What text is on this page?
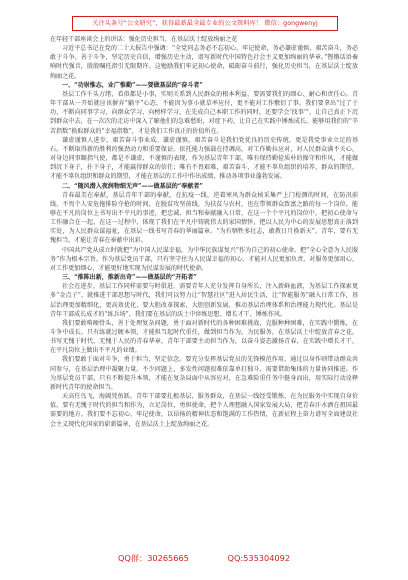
关注头条号“公文研究”，获得最新最全最专业的公文资料库！ 微信：gongwenyj

在年轻干部座谈会上的讲话：强化历史担当，在基层沃土绽放绚丽之花

习近平总书记在党的二十大报告中强调：“全党同志务必不忘初心、牢记使命，务必谦虚谨慎、艰苦奋斗，务必敢于斗争、善于斗争，坚定历史自信，增强历史主动，谱写新时代中国特色社会主义更加绚丽的华章。”铿锵话语奏响时代强音，殷殷嘱托指引无限期许。这勉励我们牢记初心使命，砥砺奋斗前行，强化历史担当，在基层沃土绽放绚丽之花。

一、“功崇惟志，业广惟勤”——要做基层的“奋斗者”

基层工作千头万绪，看似都是小事，实则关系到人民群众的根本利益，要需要我们的细心、耐心和责任心。青年干部从一开始就应该摒弃“躺平”心态，不能因为事小就草率应付，更不能对工作敷衍了事。我们要拿出“过了于功、不断向同事学习，向群众学习，向榜样学习，在先成自己本职工作的同时，还要学会‘找事’”，让自己真正下沉到群众中去，在一次次的走访中深入了解他们的急难愁盼，对症下药，让自己在实践中锤炼成长。能够用我们的“辛苦指数”换取群众的“幸福指数”，才是我们工作真正的价值所在。

谦虚谨慎人进步，艰苦奋斗事业成。谦虚谨慎，艰苦奋斗是我们党优良的历史传统，更是我党事业立足的基石。不断取得新的胜利的强劲动力和重要保证。依托能力强载在持调高，对工作勤拉应对，对人民群众满不关心，对身边同事颐指气使，都是不谦虚、不谨慎的表现，作为基层青年干部，唯有保持勤俭质朴的操守和作风，才能做到沉下身子，扑下身子，才能赢得群众的信任；唯有不畏艰难，艰苦奋斗，才能不辜负组织的培养、群众的期望，才能不辜负组织和群众的期望，才能在基层的工作中作出成绩，推动各项事业蓬勃发展。

二、“随风潜入夜润物细无声”——做基层的“奉献者”

青春最美在奉献，基层青年干部的奉献，在抗疫一线，逆着寒风为群众核采集严上门检测的时间，在防汛前线，不畏个人安危拖排险夺抢的时间，在脱贫攻坚前线，为扶贫与农村，也在带领群众致富之路的每一个岗位。能够在平凡的岗位上书写出不平凡的事迹，把忠诚、担当和奉献融入日常，在这一个个平凡的岗位中，把初心使命与工作融合在一起，在这一过程中，体现了我们在平凡中铸就伟大的家国情怀，把以人民为中心的发展思想真正落到实处，为人民群众谋福祉，在基层一线书写青春的华丽篇章。“为有牺牲多壮志，敢教日月换新天”。青年，要有无愧担当，才能让青春在奉献中出彩。

中国共产党从成立时就把“为中国人民谋幸福，为中华民族谋复兴”作为自己的初心使命。把“全心全意为人民服务”作为根本宗旨。作为基层党员干部，只有坚守住为人民谋幸福的初心，才能对人民更加负责，对服务更加用心，对工作更加细心，才能更好地实现为民谋发展的时代使命。

三、“推陈出新，推新出奇”——做基层的“开拓者”

社会在进步，基层工作同样需要与时俱进，需要青年人充分发挥自身所长，注入新鲜血液，为基层工作探索更多“金点子”，就推进干部思想与时代，我们可以努力让“智慧社区”进入居民生活，让“智能服务”融入日常工作，基层治理更加精细化，更高效优化，要大胆改革探索，大胆创新发展，推动基层治理体系和治理能力现代化。基层是青年干部成长成才的“练兵场”，我们要在基层的沃土中淬炼思想、增长才干、锤炼作风。

我们要敢啃硬骨头，善于处理复杂问题，勇于面对新时代的各种困难挑战，克服种种困难，在实践中锻炼，在斗争中成长。只有练就过硬本领，才能担当起时代重任，做到担当作为，为民服务，在基层沃土中绽放青春之花，书写无愧于时代、无愧于人民的青春华章。青年干部要主动担当作为，以奋斗姿态激扬青春，在实践中增长才干，在平凡岗位上做出不平凡的业绩。

我们要敢于面对斗争，勇于担当，坚定信念。要充分发挥基层党员的先锋模范作用，通过以身作则带动群众共同参与，在基层治理中凝聚力量。不少问题上，多发性问题很难依靠单打独斗，需要借助集体的力量协同推进。作为基层党员干部，只有不断提升本领，才能在复杂局面中从容应对，在急难险重任务中挺身而出，用实际行动诠释新时代青年的使命担当。

天高任鸟飞，海阔凭鱼跃。青年干部要扎根基层、服务群众，在基层一线经受锻炼，在为民服务中实现自身价值。要有无愧于时代的担当和作为，立足岗位，勇担使命，把个人理想融入国家发展大局，把青春汗水洒在祖国最需要的地方。我们要不忘初心，牢记使命，以昂扬的精神状态和饱满的工作热情，在新征程上奋力谱写全面建设社会主义现代化国家的崭新篇章，在基层沃土上绽放绚丽之花。

QQ群：30265665	QQ:535304092
